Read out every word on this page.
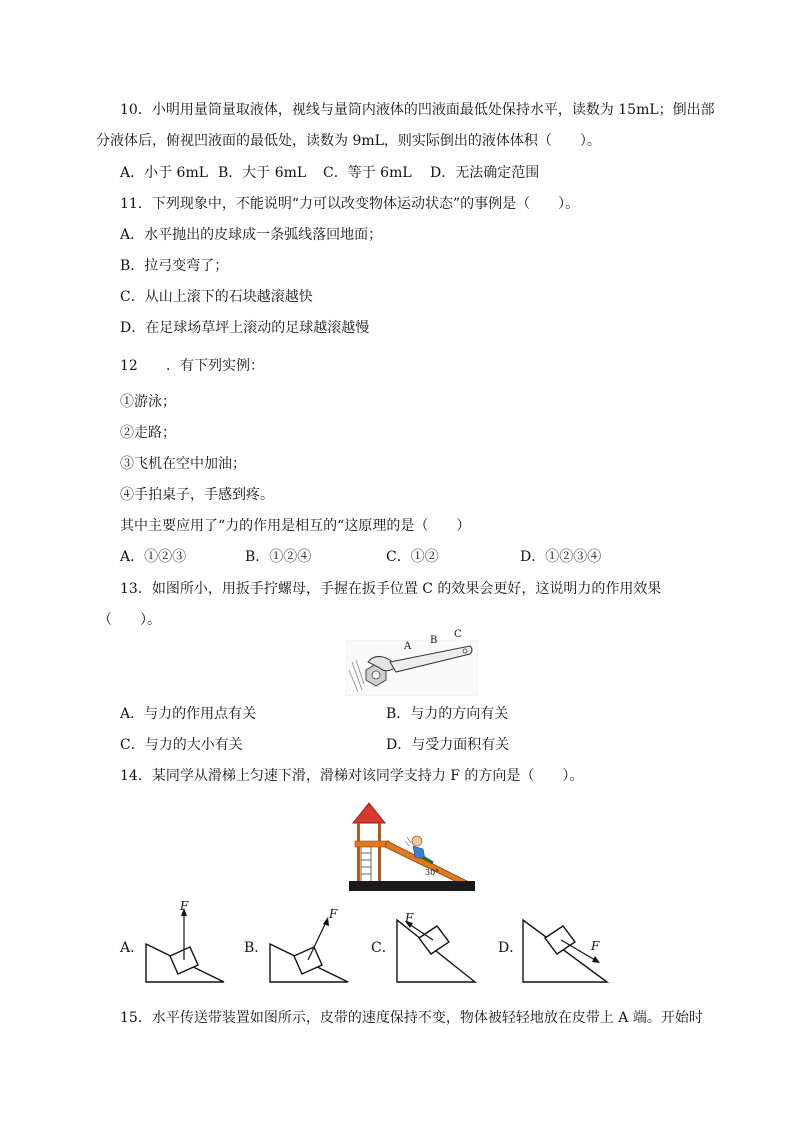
10．小明用量筒量取液体，视线与量筒内液体的凹液面最低处保持水平，读数为 15mL；倒出部
分液体后，俯视凹液面的最低处，读数为 9mL，则实际倒出的液体体积（　　）。
A．小于 6mL B．大于 6mL C．等于 6mL D．无法确定范围
11．下列现象中，不能说明“力可以改变物体运动状态”的事例是（　　）。
A．水平抛出的皮球成一条弧线落回地面；
B．拉弓变弯了；
C．从山上滚下的石块越滚越快
D．在足球场草坪上滚动的足球越滚越慢
12 ．有下列实例：
①游泳；
②走路；
③飞机在空中加油；
④手拍桌子，手感到疼。
其中主要应用了“力的作用是相互的“这原理的是（　　）
A．①②③	B．①②④	C．①②	D．①②③④
13．如图所小，用扳手拧螺母，手握在扳手位置 C 的效果会更好，这说明力的作用效果
（　　）。
A
B
C
A．与力的作用点有关	B．与力的方向有关
C．与力的大小有关	D．与受力面积有关
14．某同学从滑梯上匀速下滑，滑梯对该同学支持力 F 的方向是（　　）。
30°
A．
F
B．
F
C．
F
D．	F
15．水平传送带装置如图所示，皮带的速度保持不变，物体被轻轻地放在皮带上 A 端。开始时
